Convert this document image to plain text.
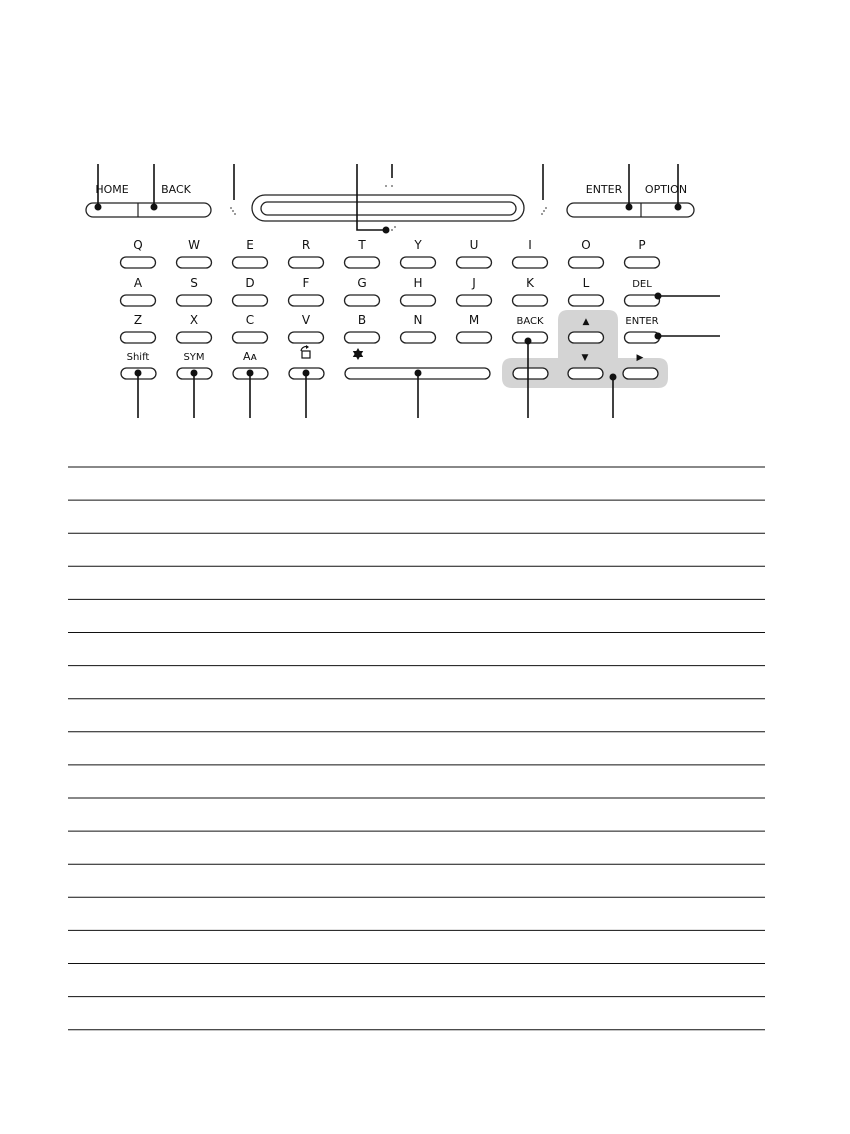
HOME	BACK	ENTER OPTION
Q	W	E	R	T	Y	U	I	O	P
A	S	D	F	G	H	J	K	L	DEL
Z	X	C	V	B	N	M	BACK	▲	ENTER
Shift	SYM	Aᴀ	▼	▶
